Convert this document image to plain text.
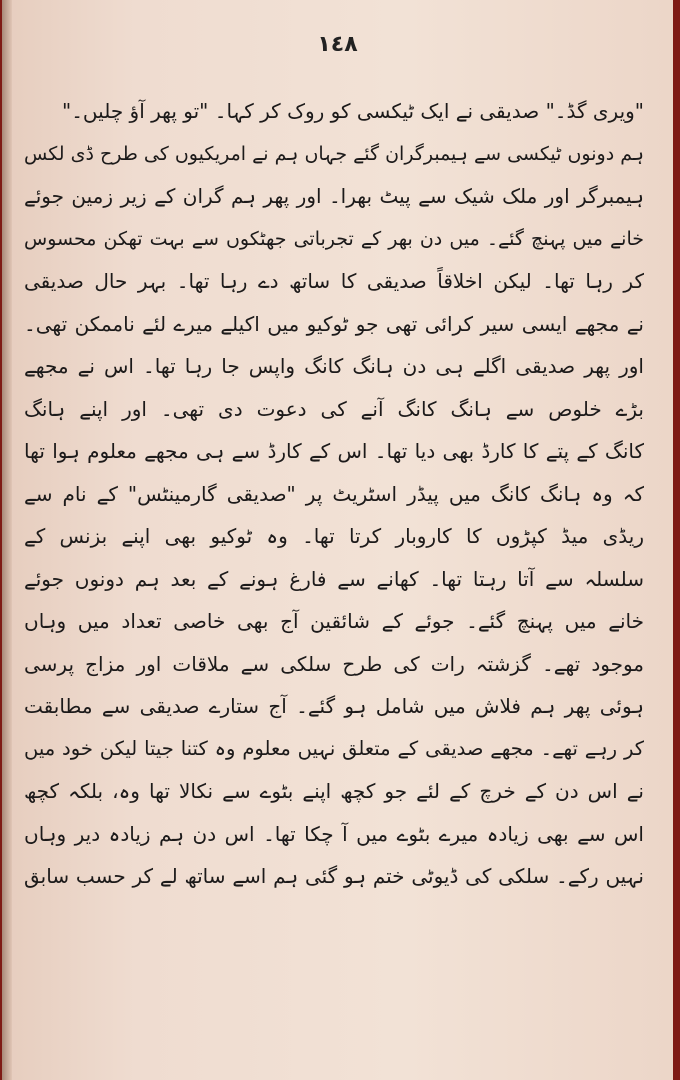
١٤٨
"ویری گڈ۔" صدیقی نے ایک ٹیکسی کو روک کر کہا۔ "تو پھر آؤ چلیں۔"
ہم دونوں ٹیکسی سے ہیمبرگران گئے جہاں ہم نے امریکیوں کی طرح ڈی لکس
ہیمبرگر اور ملک شیک سے پیٹ بھرا۔ اور پھر ہم گران کے زیر زمین جوئے
خانے میں پہنچ گئے۔ میں دن بھر کے تجرباتی جھٹکوں سے بہت تھکن محسوس
کر رہا تھا۔ لیکن اخلاقاً صدیقی کا ساتھ دے رہا تھا۔ بہر حال صدیقی
نے مجھے ایسی سیر کرائی تھی جو ٹوکیو میں اکیلے میرے لئے ناممکن تھی۔
اور پھر صدیقی اگلے ہی دن ہانگ کانگ واپس جا رہا تھا۔ اس نے مجھے
بڑے خلوص سے ہانگ کانگ آنے کی دعوت دی تھی۔ اور اپنے ہانگ
کانگ کے پتے کا کارڈ بھی دیا تھا۔ اس کے کارڈ سے ہی مجھے معلوم ہوا تھا
کہ وہ ہانگ کانگ میں پیڈر اسٹریٹ پر "صدیقی گارمینٹس" کے نام سے
ریڈی میڈ کپڑوں کا کاروبار کرتا تھا۔ وہ ٹوکیو بھی اپنے بزنس کے
سلسلہ سے آتا رہتا تھا۔ کھانے سے فارغ ہونے کے بعد ہم دونوں جوئے
خانے میں پہنچ گئے۔ جوئے کے شائقین آج بھی خاصی تعداد میں وہاں
موجود تھے۔ گزشتہ رات کی طرح سلکی سے ملاقات اور مزاج پرسی
ہوئی پھر ہم فلاش میں شامل ہو گئے۔ آج ستارے صدیقی سے مطابقت
کر رہے تھے۔ مجھے صدیقی کے متعلق نہیں معلوم وہ کتنا جیتا لیکن خود میں
نے اس دن کے خرچ کے لئے جو کچھ اپنے بٹوے سے نکالا تھا وہ، بلکہ کچھ
اس سے بھی زیادہ میرے بٹوے میں آ چکا تھا۔ اس دن ہم زیادہ دیر وہاں
نہیں رکے۔ سلکی کی ڈیوٹی ختم ہو گئی ہم اسے ساتھ لے کر حسب سابق
